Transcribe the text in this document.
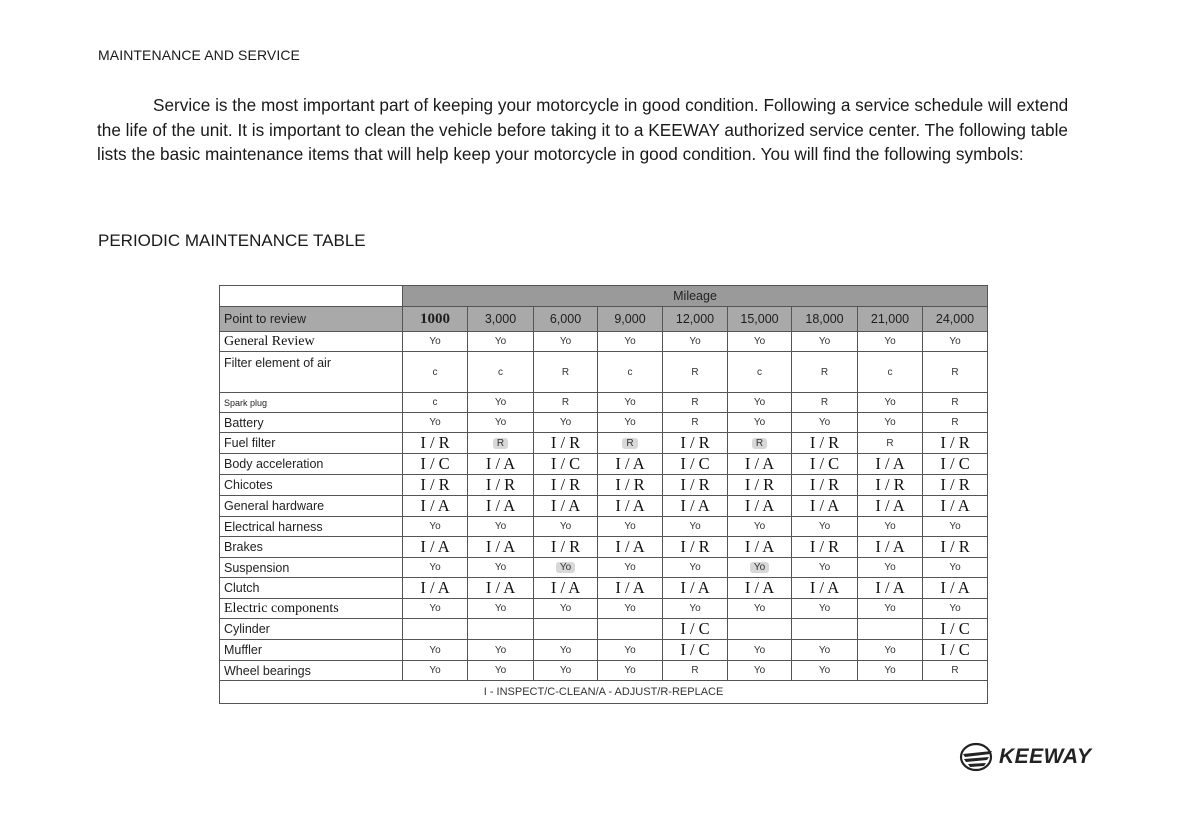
MAINTENANCE AND SERVICE
Service is the most important part of keeping your motorcycle in good condition. Following a service schedule will extend the life of the unit. It is important to clean the vehicle before taking it to a KEEWAY authorized service center. The following table lists the basic maintenance items that will help keep your motorcycle in good condition. You will find the following symbols:
PERIODIC MAINTENANCE TABLE
	Mileage								
Point to review	1000	3,000	6,000	9,000	12,000	15,000	18,000	21,000	24,000
General Review	Yo	Yo	Yo	Yo	Yo	Yo	Yo	Yo	Yo
Filter element of air	c	c	R	c	R	c	R	c	R
Spark plug	c	Yo	R	Yo	R	Yo	R	Yo	R
Battery	Yo	Yo	Yo	Yo	R	Yo	Yo	Yo	R
Fuel filter	I / R	R	I / R	R	I / R	R	I / R	R	I / R
Body acceleration	I / C	I / A	I / C	I / A	I / C	I / A	I / C	I / A	I / C
Chicotes	I / R	I / R	I / R	I / R	I / R	I / R	I / R	I / R	I / R
General hardware	I / A	I / A	I / A	I / A	I / A	I / A	I / A	I / A	I / A
Electrical harness	Yo	Yo	Yo	Yo	Yo	Yo	Yo	Yo	Yo
Brakes	I / A	I / A	I / R	I / A	I / R	I / A	I / R	I / A	I / R
Suspension	Yo	Yo	Yo	Yo	Yo	Yo	Yo	Yo	Yo
Clutch	I / A	I / A	I / A	I / A	I / A	I / A	I / A	I / A	I / A
Electric components	Yo	Yo	Yo	Yo	Yo	Yo	Yo	Yo	Yo
Cylinder					I / C				I / C
Muffler	Yo	Yo	Yo	Yo	I / C	Yo	Yo	Yo	I / C
Wheel bearings	Yo	Yo	Yo	Yo	R	Yo	Yo	Yo	R
I - INSPECT/C-CLEAN/A - ADJUST/R-REPLACE									
KEEWAY
